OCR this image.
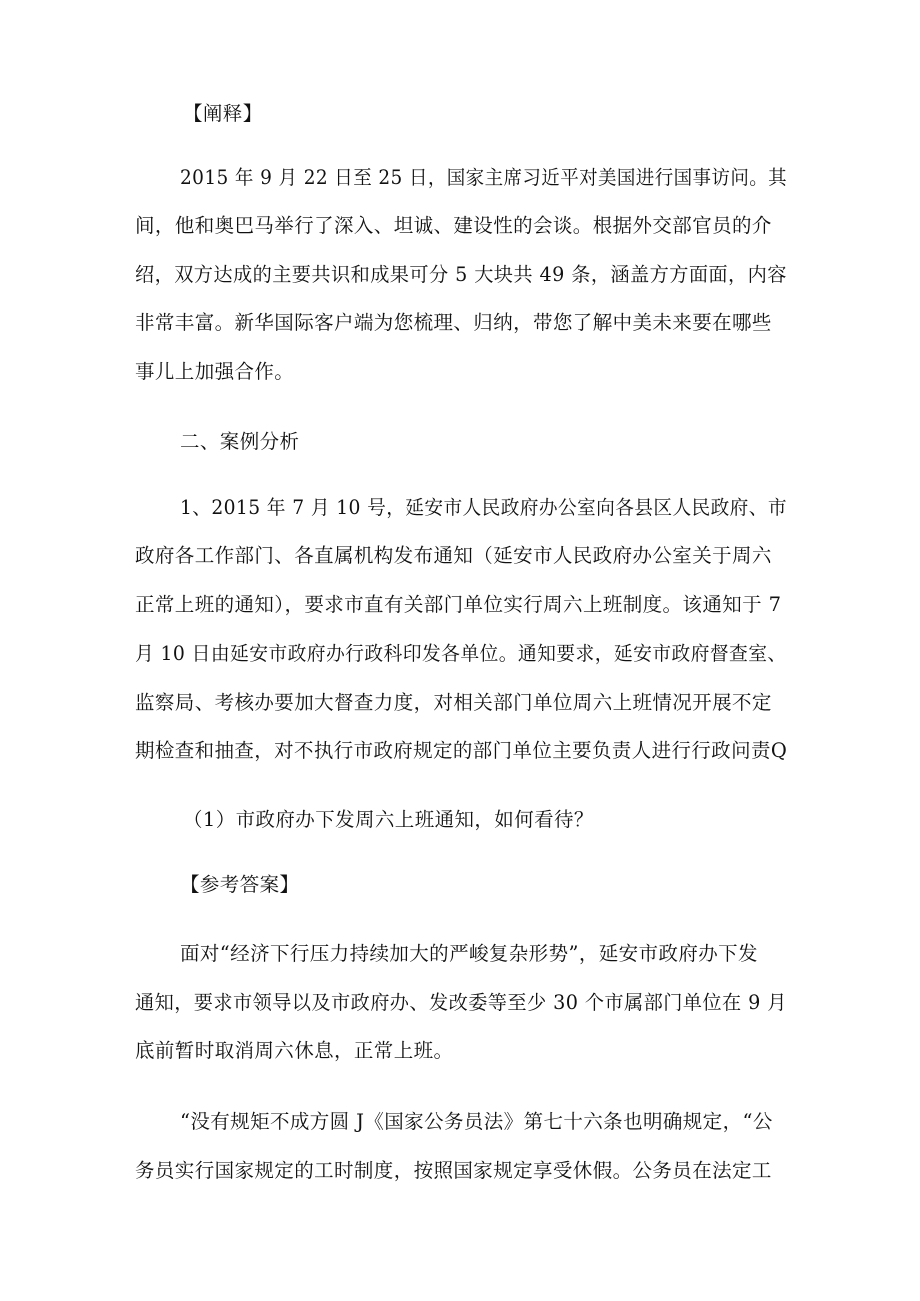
【阐释】
2015 年 9 月 22 日至 25 日，国家主席习近平对美国进行国事访问。其
间，他和奥巴马举行了深入、坦诚、建设性的会谈。根据外交部官员的介
绍，双方达成的主要共识和成果可分 5 大块共 49 条，涵盖方方面面，内容
非常丰富。新华国际客户端为您梳理、归纳，带您了解中美未来要在哪些
事儿上加强合作。
二、案例分析
1、2015 年 7 月 10 号，延安市人民政府办公室向各县区人民政府、市
政府各工作部门、各直属机构发布通知（延安市人民政府办公室关于周六
正常上班的通知），要求市直有关部门单位实行周六上班制度。该通知于 7
月 10 日由延安市政府办行政科印发各单位。通知要求，延安市政府督查室、
监察局、考核办要加大督查力度，对相关部门单位周六上班情况开展不定
期检查和抽查，对不执行市政府规定的部门单位主要负责人进行行政问责Q
（1）市政府办下发周六上班通知，如何看待？
【参考答案】
面对“经济下行压力持续加大的严峻复杂形势”，延安市政府办下发
通知，要求市领导以及市政府办、发改委等至少 30 个市属部门单位在 9 月
底前暂时取消周六休息，正常上班。
“没有规矩不成方圆 J《国家公务员法》第七十六条也明确规定，“公
务员实行国家规定的工时制度，按照国家规定享受休假。公务员在法定工
